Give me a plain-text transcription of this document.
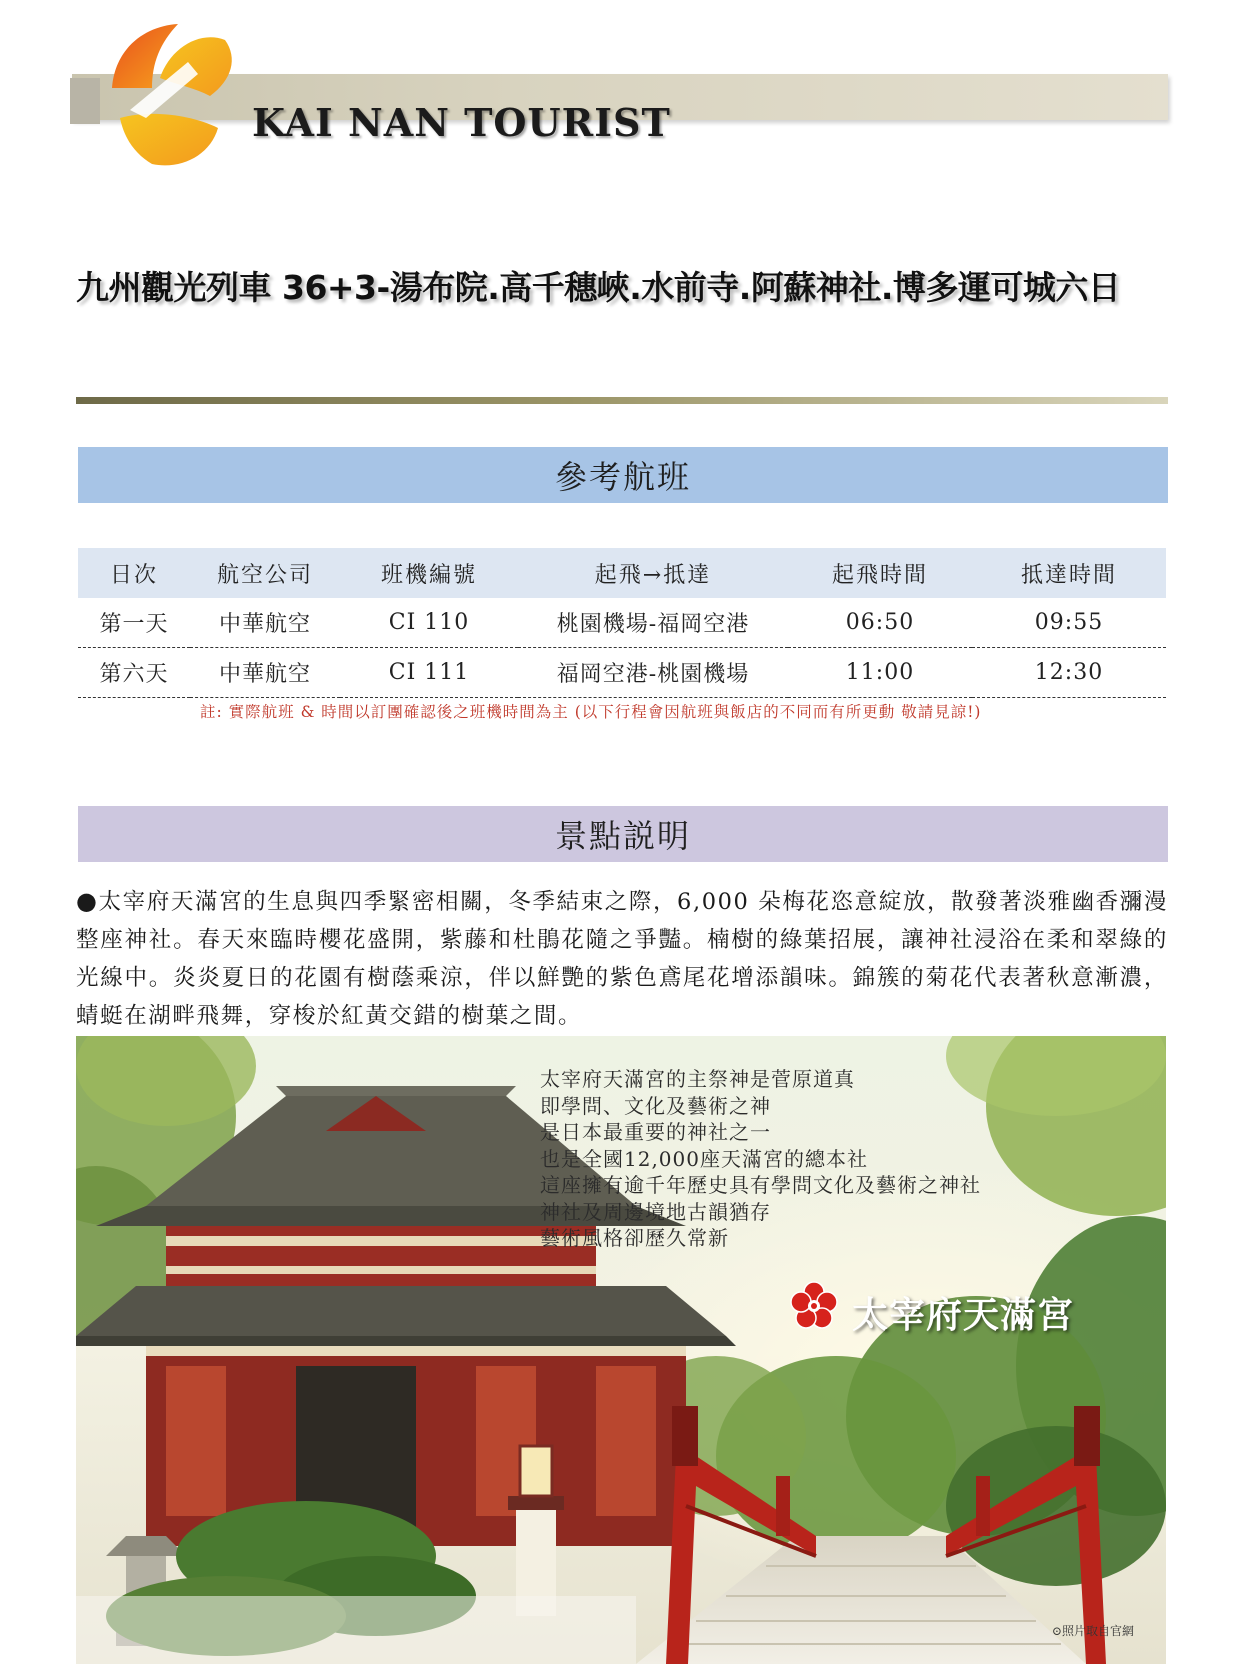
KAI NAN TOURIST
九州觀光列車 36+3-湯布院.高千穗峽.水前寺.阿蘇神社.博多運可城六日
參考航班
日次	航空公司	班機編號	起飛→抵達	起飛時間	抵達時間
第一天	中華航空	CI 110	桃園機場-福岡空港	06:50	09:55
第六天	中華航空	CI 111	福岡空港-桃園機場	11:00	12:30
註: 實際航班 & 時間以訂團確認後之班機時間為主 (以下行程會因航班與飯店的不同而有所更動 敬請見諒!)
景點説明
●太宰府天滿宮的生息與四季緊密相關，冬季結束之際，6,000 朵梅花恣意綻放，散發著淡雅幽香瀰漫整座神社。春天來臨時櫻花盛開，紫藤和杜鵑花隨之爭豔。楠樹的綠葉招展，讓神社浸浴在柔和翠綠的光線中。炎炎夏日的花園有樹蔭乘涼，伴以鮮艷的紫色鳶尾花增添韻味。錦簇的菊花代表著秋意漸濃，蜻蜓在湖畔飛舞，穿梭於紅黃交錯的樹葉之間。
太宰府天滿宮的主祭神是菅原道真
即學問、文化及藝術之神
是日本最重要的神社之一
也是全國12,000座天滿宮的總本社
這座擁有逾千年歷史具有學問文化及藝術之神社
神社及周邊境地古韻猶存
藝術風格卻歷久常新
太宰府天滿宮
⊙照片取自官網
